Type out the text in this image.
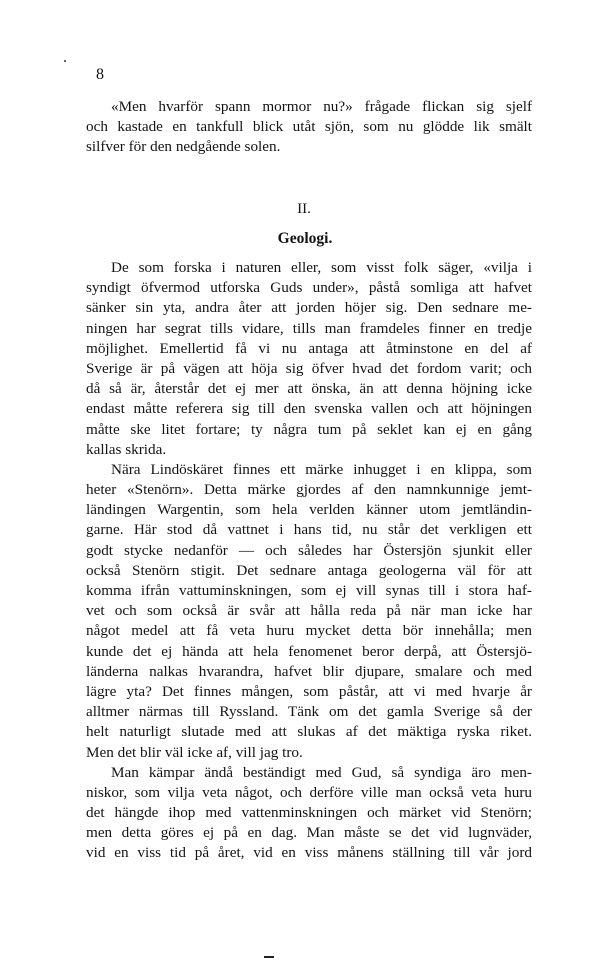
8
«Men hvarför spann mormor nu?» frågade flickan sig sjelf
och kastade en tankfull blick utåt sjön, som nu glödde lik smält
silfver för den nedgående solen.
II.
Geologi.
De som forska i naturen eller, som visst folk säger, «vilja i
syndigt öfvermod utforska Guds under», påstå somliga att hafvet
sänker sin yta, andra åter att jorden höjer sig. Den sednare me-
ningen har segrat tills vidare, tills man framdeles finner en tredje
möjlighet. Emellertid få vi nu antaga att åtminstone en del af
Sverige är på vägen att höja sig öfver hvad det fordom varit; och
då så är, återstår det ej mer att önska, än att denna höjning icke
endast måtte referera sig till den svenska vallen och att höjningen
måtte ske litet fortare; ty några tum på seklet kan ej en gång
kallas skrida.
Nära Lindöskäret finnes ett märke inhugget i en klippa, som
heter «Stenörn». Detta märke gjordes af den namnkunnige jemt-
ländingen Wargentin, som hela verlden känner utom jemtländin-
garne. Här stod då vattnet i hans tid, nu står det verkligen ett
godt stycke nedanför — och således har Östersjön sjunkit eller
också Stenörn stigit. Det sednare antaga geologerna väl för att
komma ifrån vattuminskningen, som ej vill synas till i stora haf-
vet och som också är svår att hålla reda på när man icke har
något medel att få veta huru mycket detta bör innehålla; men
kunde det ej hända att hela fenomenet beror derpå, att Östersjö-
länderna nalkas hvarandra, hafvet blir djupare, smalare och med
lägre yta? Det finnes mången, som påstår, att vi med hvarje år
alltmer närmas till Ryssland. Tänk om det gamla Sverige så der
helt naturligt slutade med att slukas af det mäktiga ryska riket.
Men det blir väl icke af, vill jag tro.
Man kämpar ändå beständigt med Gud, så syndiga äro men-
niskor, som vilja veta något, och derföre ville man också veta huru
det hängde ihop med vattenminskningen och märket vid Stenörn;
men detta göres ej på en dag. Man måste se det vid lugnväder,
vid en viss tid på året, vid en viss månens ställning till vår jord
